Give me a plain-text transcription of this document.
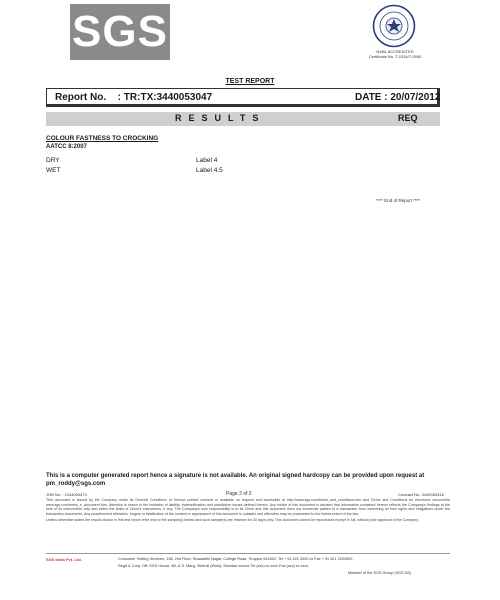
SGS	NABL ACCREDITED
Certificate No. T-1034/T-0550
TEST REPORT
Report No. : TR:TX:3440053047	DATE : 20/07/2012
RESULTS	REQ
COLOUR FASTNESS TO CROCKING
AATCC 8:2007
DRY	Label 4
WET	Label 4.5
**** End of Report ****
This is a computer generated report hence a signature is not available. An original signed hardcopy can be provided upon request at pm_roddy@sgs.com
JOB No. : 1344003473	Page 2 of 2	Contract No. 3440053316

This document is issued by the Company under its General Conditions of Service printed overleaf or available on request and accessible at http://www.sgs.com/terms_and_conditions.htm and Terms and Conditions for electronic documents www.sgs.com/terms_e_document.htm. Attention is drawn to the limitation of liability, indemnification and jurisdiction issues defined therein. Any holder of this document is advised that information contained hereon reflects the Company's findings at the time of its intervention only and within the limits of Client's instructions, if any. The Company's sole responsibility is to its Client and this document does not exonerate parties to a transaction from exercising all their rights and obligations under the transaction documents. Any unauthorized alteration, forgery or falsification of the content or appearance of this document is unlawful and offenders may be prosecuted to the fullest extent of the law.

Unless otherwise stated the results shown in this test report refer only to the sample(s) tested and such sample(s) are retained for 30 days only. This document cannot be reproduced except in full, without prior approval of the Company.

SGS India Pvt. Ltd.	Consumer Testing Services, 136, 2nd Floor, Sivasakthi Nagar, College Road, Tiruppur 641602. Tel + 91 421 2000 xx Fax + 91 421 2204902.
Regd & Corp. Off: SGS House, 4B, A.S. Marg, Vikhroli (West), Mumbai xxxxxx Tel (xxx) xx xxxx Fax (xxx) xx xxxx
Member of the SGS Group (SGS SA)
